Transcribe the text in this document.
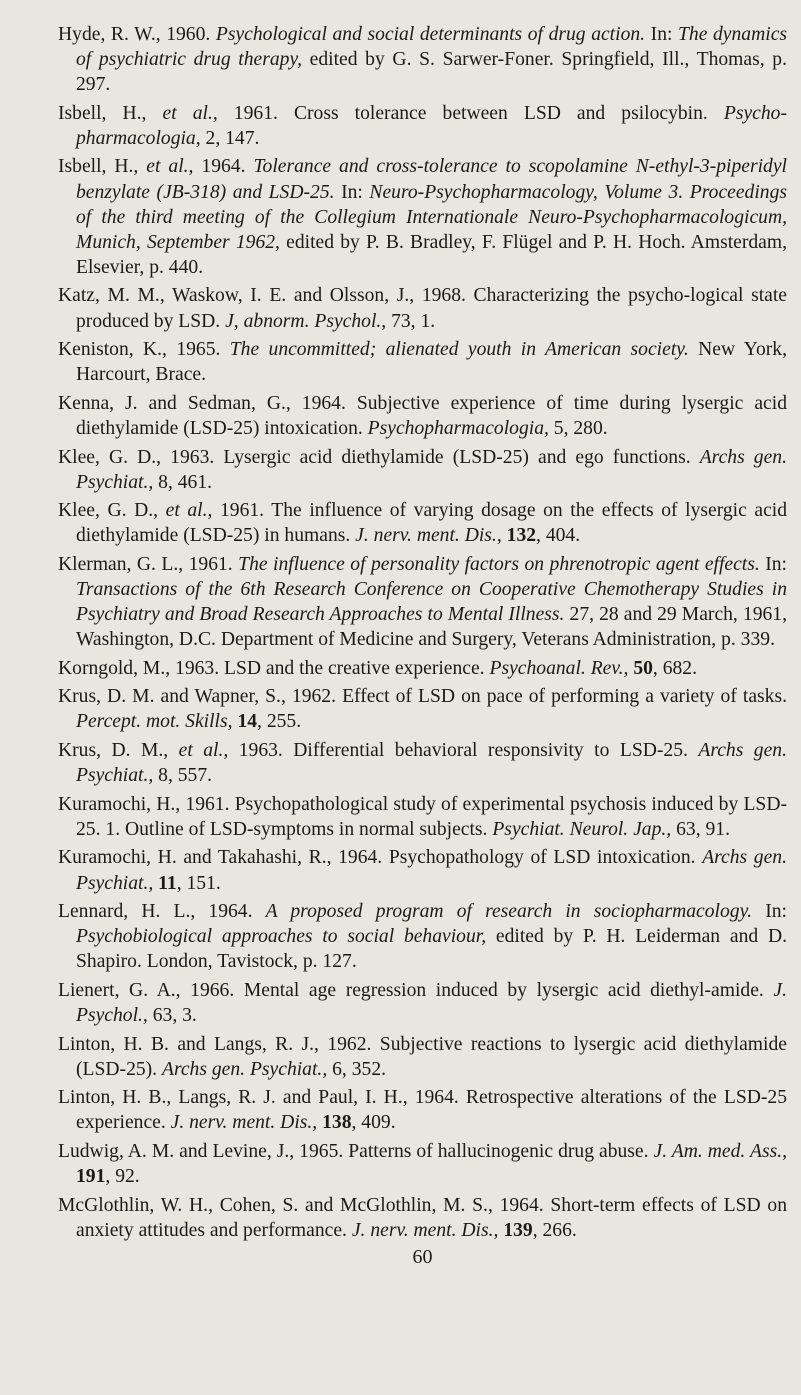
Hyde, R. W., 1960. Psychological and social determinants of drug action. In: The dynamics of psychiatric drug therapy, edited by G. S. Sarwer-Foner. Springfield, Ill., Thomas, p. 297.

Isbell, H., et al., 1961. Cross tolerance between LSD and psilocybin. Psycho-pharmacologia, 2, 147.

Isbell, H., et al., 1964. Tolerance and cross-tolerance to scopolamine N-ethyl-3-piperidyl benzylate (JB-318) and LSD-25. In: Neuro-Psychopharmacology, Volume 3. Proceedings of the third meeting of the Collegium Internationale Neuro-Psychopharmacologicum, Munich, September 1962, edited by P. B. Bradley, F. Flügel and P. H. Hoch. Amsterdam, Elsevier, p. 440.

Katz, M. M., Waskow, I. E. and Olsson, J., 1968. Characterizing the psycho-logical state produced by LSD. J, abnorm. Psychol., 73, 1.

Keniston, K., 1965. The uncommitted; alienated youth in American society. New York, Harcourt, Brace.

Kenna, J. and Sedman, G., 1964. Subjective experience of time during lysergic acid diethylamide (LSD-25) intoxication. Psychopharmacologia, 5, 280.

Klee, G. D., 1963. Lysergic acid diethylamide (LSD-25) and ego functions. Archs gen. Psychiat., 8, 461.

Klee, G. D., et al., 1961. The influence of varying dosage on the effects of lysergic acid diethylamide (LSD-25) in humans. J. nerv. ment. Dis., 132, 404.

Klerman, G. L., 1961. The influence of personality factors on phrenotropic agent effects. In: Transactions of the 6th Research Conference on Cooperative Chemotherapy Studies in Psychiatry and Broad Research Approaches to Mental Illness. 27, 28 and 29 March, 1961, Washington, D.C. Department of Medicine and Surgery, Veterans Administration, p. 339.

Korngold, M., 1963. LSD and the creative experience. Psychoanal. Rev., 50, 682.

Krus, D. M. and Wapner, S., 1962. Effect of LSD on pace of performing a variety of tasks. Percept. mot. Skills, 14, 255.

Krus, D. M., et al., 1963. Differential behavioral responsivity to LSD-25. Archs gen. Psychiat., 8, 557.

Kuramochi, H., 1961. Psychopathological study of experimental psychosis induced by LSD-25. 1. Outline of LSD-symptoms in normal subjects. Psychiat. Neurol. Jap., 63, 91.

Kuramochi, H. and Takahashi, R., 1964. Psychopathology of LSD intoxication. Archs gen. Psychiat., 11, 151.

Lennard, H. L., 1964. A proposed program of research in sociopharmacology. In: Psychobiological approaches to social behaviour, edited by P. H. Leiderman and D. Shapiro. London, Tavistock, p. 127.

Lienert, G. A., 1966. Mental age regression induced by lysergic acid diethyl-amide. J. Psychol., 63, 3.

Linton, H. B. and Langs, R. J., 1962. Subjective reactions to lysergic acid diethylamide (LSD-25). Archs gen. Psychiat., 6, 352.

Linton, H. B., Langs, R. J. and Paul, I. H., 1964. Retrospective alterations of the LSD-25 experience. J. nerv. ment. Dis., 138, 409.

Ludwig, A. M. and Levine, J., 1965. Patterns of hallucinogenic drug abuse. J. Am. med. Ass., 191, 92.

McGlothlin, W. H., Cohen, S. and McGlothlin, M. S., 1964. Short-term effects of LSD on anxiety attitudes and performance. J. nerv. ment. Dis., 139, 266.

60
